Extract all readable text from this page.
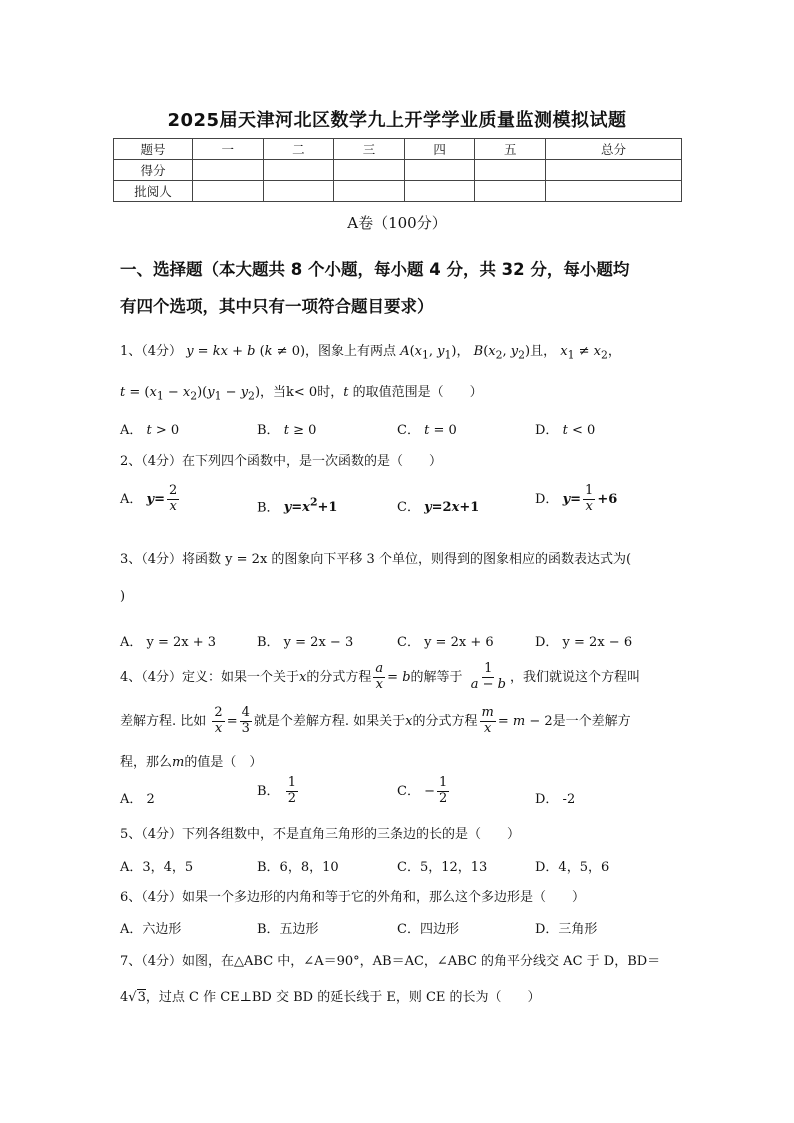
2025届天津河北区数学九上开学学业质量监测模拟试题
题号	一	二	三	四	五	总分
得分						
批阅人						
A卷（100分）
一、选择题（本大题共 8 个小题，每小题 4 分，共 32 分，每小题均
有四个选项，其中只有一项符合题目要求）
1、（4分） y = kx + b (k ≠ 0)，图象上有两点 $A(x_1$, $y_1$)， $B(x_2$, $y_2$)且， $x_1 \ne x_2$，
$t = (x_1 - x_2)(y_1 - y_2)$，当k< 0时，t 的取值范围是（　　）
A． t > 0	B． t ≥ 0	C． t = 0	D． t < 0
2、（4分）在下列四个函数中，是一次函数的是（　　）
A． $y= \frac{2}{x}$	B． $y=x^2+1$	C． y=2x+1
D． $y= \frac{1}{x} +6$
3、（4分）将函数 y = 2x 的图象向下平移 3 个单位，则得到的图象相应的函数表达式为(
)
A． y = 2x + 3	B． y = 2x − 3	C． y = 2x + 6	D． y = 2x − 6
4、（4分）定义：如果一个关于x的分式方程 $\frac{a}{x} = b$的解等于 $\frac{1}{a - b}$ ，我们就说这个方程叫
差解方程. 比如 $\frac{2}{x} = \frac{4}{3}$ 就是个差解方程. 如果关于x的分式方程 $\frac{m}{x} = m - 2$是一个差解方
程，那么m的值是（　）
A． 2
B． $\frac{1}{2}$	C． − $\frac{1}{2}$	D． -2
5、（4分）下列各组数中，不是直角三角形的三条边的长的是（　　）
A．3，4，5	B．6，8，10	C．5，12，13	D．4，5，6
6、（4分）如果一个多边形的内角和等于它的外角和，那么这个多边形是（　　）
A．六边形	B．五边形	C．四边形	D．三角形
7、（4分）如图，在△ABC 中，∠A＝90°，AB＝AC，∠ABC 的角平分线交 AC 于 D，BD＝
4√3，过点 C 作 CE⊥BD 交 BD 的延长线于 E，则 CE 的长为（　　）
